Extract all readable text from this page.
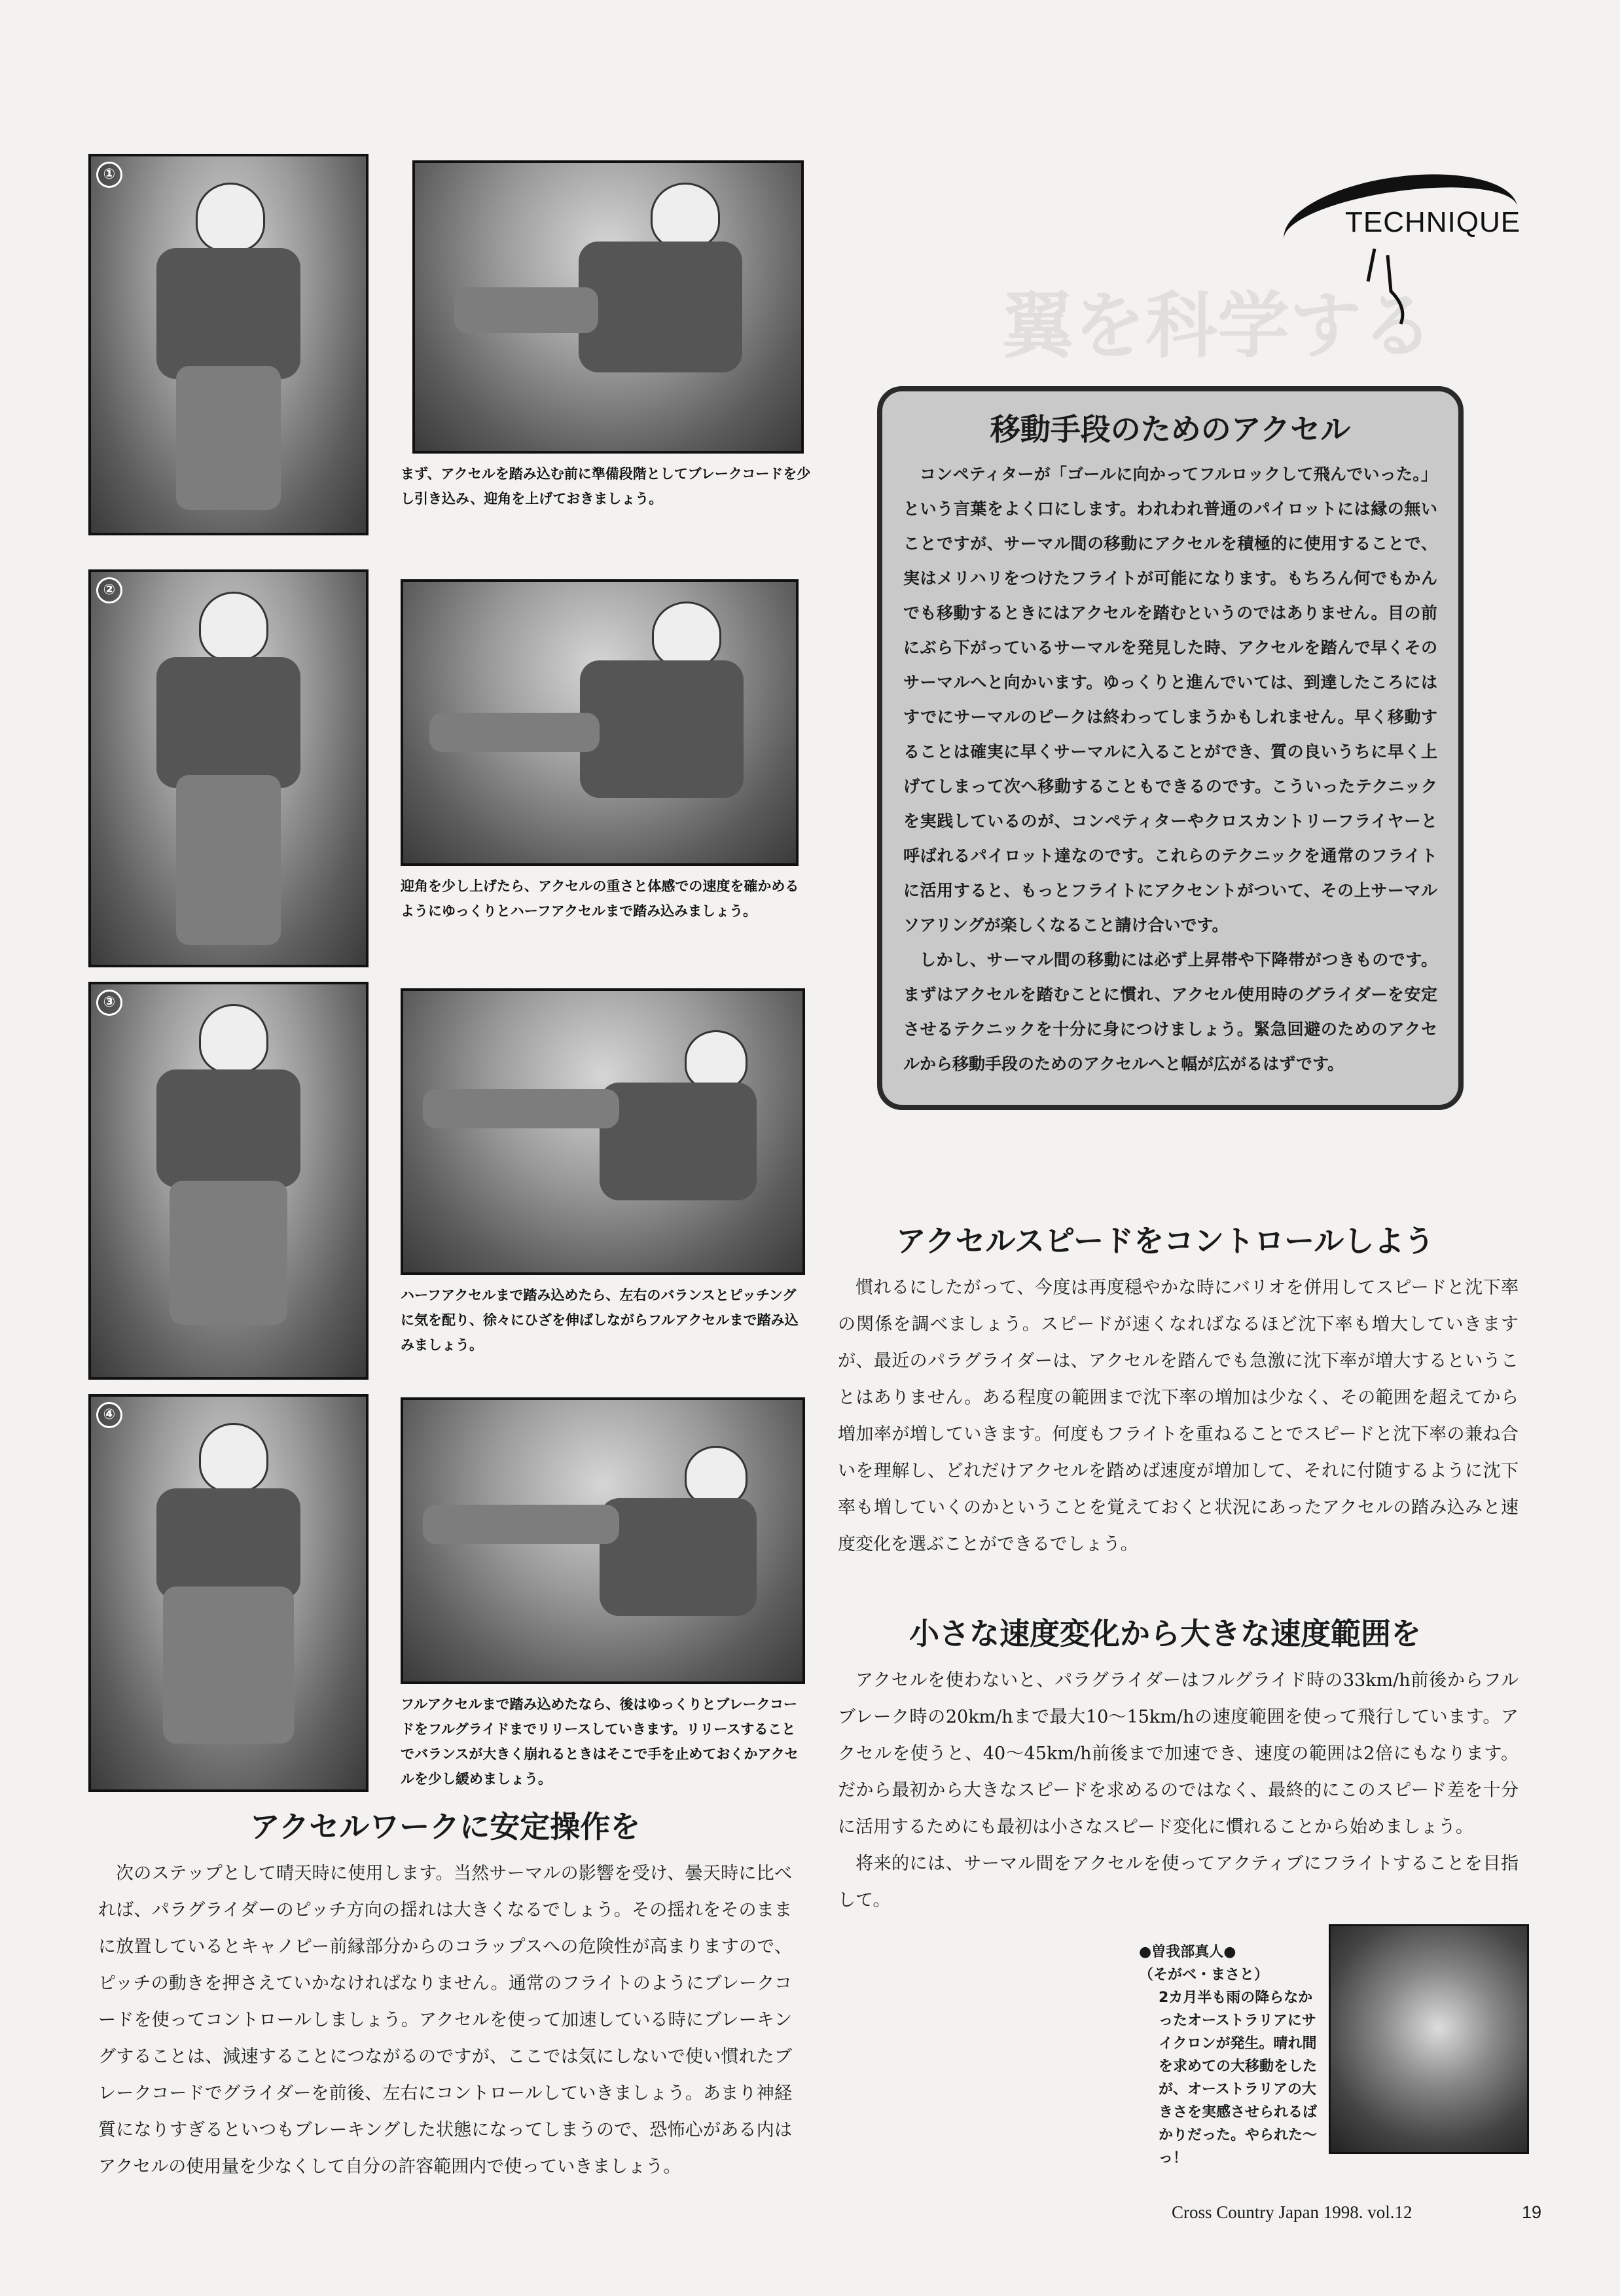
翼を科学する
①
まず、アクセルを踏み込む前に準備段階としてブレークコードを少し引き込み、迎角を上げておきましょう。
②
迎角を少し上げたら、アクセルの重さと体感での速度を確かめるようにゆっくりとハーフアクセルまで踏み込みましょう。
③
ハーフアクセルまで踏み込めたら、左右のバランスとピッチングに気を配り、徐々にひざを伸ばしながらフルアクセルまで踏み込みましょう。
④
フルアクセルまで踏み込めたなら、後はゆっくりとブレークコードをフルグライドまでリリースしていきます。リリースすることでバランスが大きく崩れるときはそこで手を止めておくかアクセルを少し緩めましょう。
TECHNIQUE
移動手段のためのアクセル

コンペティターが「ゴールに向かってフルロックして飛んでいった。」という言葉をよく口にします。われわれ普通のパイロットには縁の無いことですが、サーマル間の移動にアクセルを積極的に使用することで、実はメリハリをつけたフライトが可能になります。もちろん何でもかんでも移動するときにはアクセルを踏むというのではありません。目の前にぶら下がっているサーマルを発見した時、アクセルを踏んで早くそのサーマルへと向かいます。ゆっくりと進んでいては、到達したころにはすでにサーマルのピークは終わってしまうかもしれません。早く移動することは確実に早くサーマルに入ることができ、質の良いうちに早く上げてしまって次へ移動することもできるのです。こういったテクニックを実践しているのが、コンペティターやクロスカントリーフライヤーと呼ばれるパイロット達なのです。これらのテクニックを通常のフライトに活用すると、もっとフライトにアクセントがついて、その上サーマルソアリングが楽しくなること請け合いです。

しかし、サーマル間の移動には必ず上昇帯や下降帯がつきものです。まずはアクセルを踏むことに慣れ、アクセル使用時のグライダーを安定させるテクニックを十分に身につけましょう。緊急回避のためのアクセルから移動手段のためのアクセルへと幅が広がるはずです。

アクセルスピードをコントロールしよう

慣れるにしたがって、今度は再度穏やかな時にバリオを併用してスピードと沈下率の関係を調べましょう。スピードが速くなればなるほど沈下率も増大していきますが、最近のパラグライダーは、アクセルを踏んでも急激に沈下率が増大するということはありません。ある程度の範囲まで沈下率の増加は少なく、その範囲を超えてから増加率が増していきます。何度もフライトを重ねることでスピードと沈下率の兼ね合いを理解し、どれだけアクセルを踏めば速度が増加して、それに付随するように沈下率も増していくのかということを覚えておくと状況にあったアクセルの踏み込みと速度変化を選ぶことができるでしょう。

小さな速度変化から大きな速度範囲を

アクセルを使わないと、パラグライダーはフルグライド時の33km/h前後からフルブレーク時の20km/hまで最大10～15km/hの速度範囲を使って飛行しています。アクセルを使うと、40～45km/h前後まで加速でき、速度の範囲は2倍にもなります。だから最初から大きなスピードを求めるのではなく、最終的にこのスピード差を十分に活用するためにも最初は小さなスピード変化に慣れることから始めましょう。

将来的には、サーマル間をアクセルを使ってアクティブにフライトすることを目指して。

アクセルワークに安定操作を

次のステップとして晴天時に使用します。当然サーマルの影響を受け、曇天時に比べれば、パラグライダーのピッチ方向の揺れは大きくなるでしょう。その揺れをそのままに放置しているとキャノピー前縁部分からのコラップスへの危険性が高まりますので、ピッチの動きを押さえていかなければなりません。通常のフライトのようにブレークコードを使ってコントロールしましょう。アクセルを使って加速している時にブレーキングすることは、減速することにつながるのですが、ここでは気にしないで使い慣れたブレークコードでグライダーを前後、左右にコントロールしていきましょう。あまり神経質になりすぎるといつもブレーキングした状態になってしまうので、恐怖心がある内はアクセルの使用量を少なくして自分の許容範囲内で使っていきましょう。

●曽我部真人●
（そがべ・まさと）
2カ月半も雨の降らなかったオーストラリアにサイクロンが発生。晴れ間を求めての大移動をしたが、オーストラリアの大きさを実感させられるばかりだった。やられた〜っ！
Cross Country Japan 1998. vol.12	19
